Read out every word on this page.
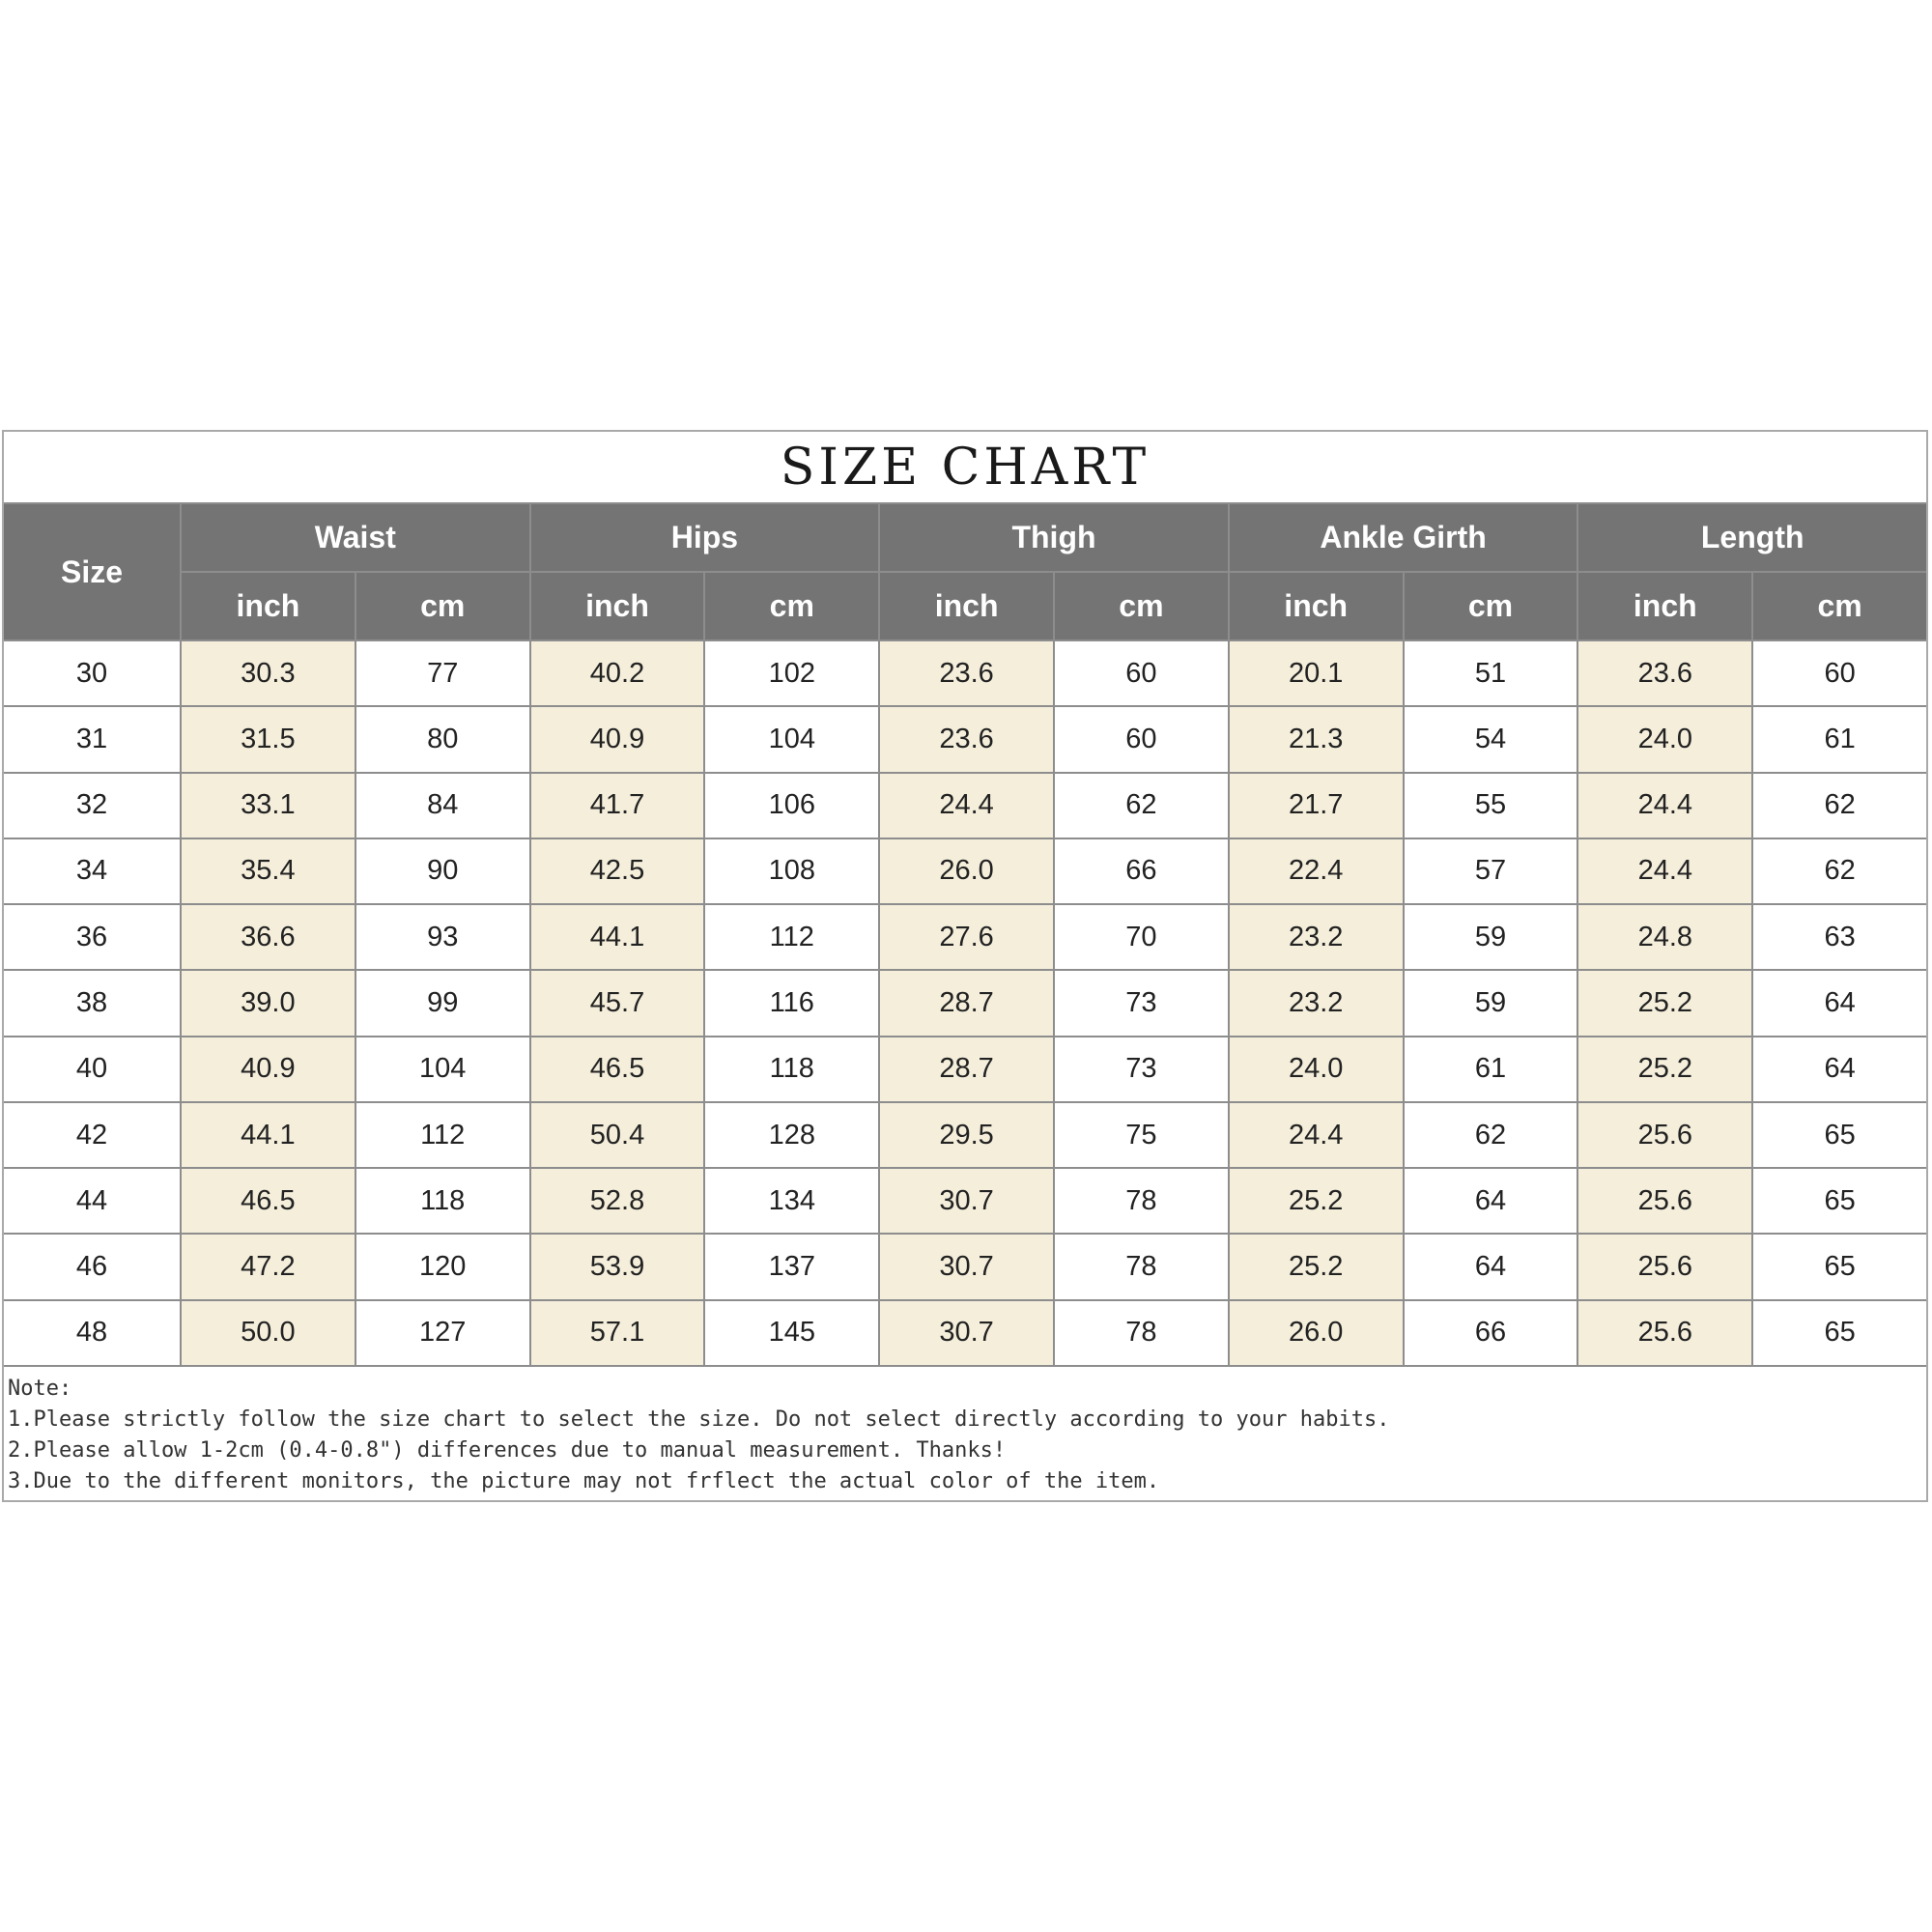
SIZE CHART
Size
Waist	Hips	Thigh	Ankle Girth	Length
inch	cm	inch	cm	inch	cm	inch	cm	inch	cm
30	30.3	77	40.2	102	23.6	60	20.1	51	23.6	60
31	31.5	80	40.9	104	23.6	60	21.3	54	24.0	61
32	33.1	84	41.7	106	24.4	62	21.7	55	24.4	62
34	35.4	90	42.5	108	26.0	66	22.4	57	24.4	62
36	36.6	93	44.1	112	27.6	70	23.2	59	24.8	63
38	39.0	99	45.7	116	28.7	73	23.2	59	25.2	64
40	40.9	104	46.5	118	28.7	73	24.0	61	25.2	64
42	44.1	112	50.4	128	29.5	75	24.4	62	25.6	65
44	46.5	118	52.8	134	30.7	78	25.2	64	25.6	65
46	47.2	120	53.9	137	30.7	78	25.2	64	25.6	65
48	50.0	127	57.1	145	30.7	78	26.0	66	25.6	65
Note:
1.Please strictly follow the size chart to select the size. Do not select directly according to your habits.
2.Please allow 1-2cm (0.4-0.8") differences due to manual measurement. Thanks!
3.Due to the different monitors, the picture may not frflect the actual color of the item.
